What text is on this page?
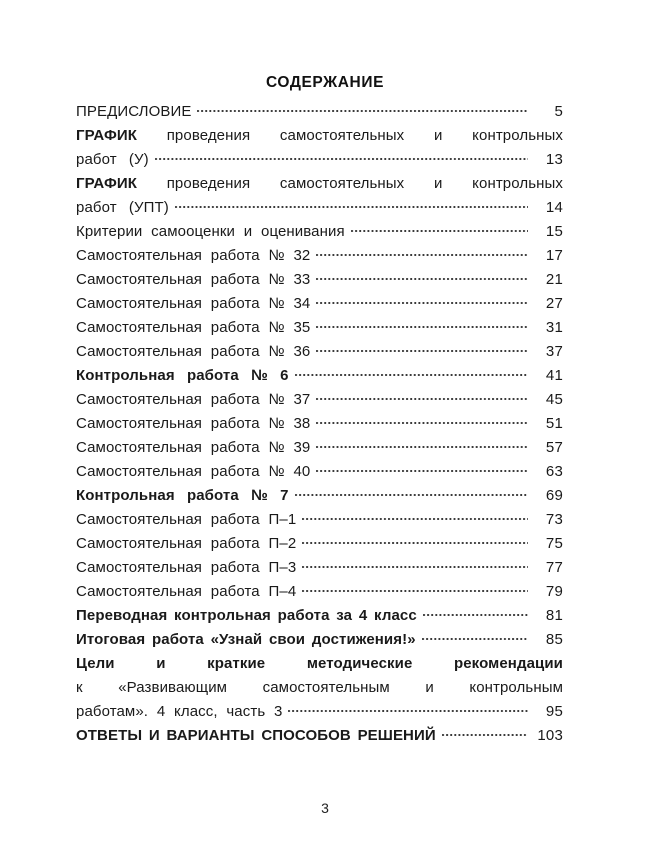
СОДЕРЖАНИЕ
ПРЕДИСЛОВИЕ	5
ГРАФИК проведения самостоятельных и контрольных
работ (У)	13
ГРАФИК проведения самостоятельных и контрольных
работ (УПТ)	14
Критерии самооценки и оценивания	15
Самостоятельная работа № 32	17
Самостоятельная работа № 33	21
Самостоятельная работа № 34	27
Самостоятельная работа № 35	31
Самостоятельная работа № 36	37
Контрольная работа № 6	41
Самостоятельная работа № 37	45
Самостоятельная работа № 38	51
Самостоятельная работа № 39	57
Самостоятельная работа № 40	63
Контрольная работа № 7	69
Самостоятельная работа П–1	73
Самостоятельная работа П–2	75
Самостоятельная работа П–3	77
Самостоятельная работа П–4	79
Переводная контрольная работа за 4 класс	81
Итоговая работа «Узнай свои достижения!»	85
Цели и краткие методические рекомендации
к «Развивающим самостоятельным и контрольным
работам». 4 класс, часть 3	95
ОТВЕТЫ И ВАРИАНТЫ СПОСОБОВ РЕШЕНИЙ	103
3
